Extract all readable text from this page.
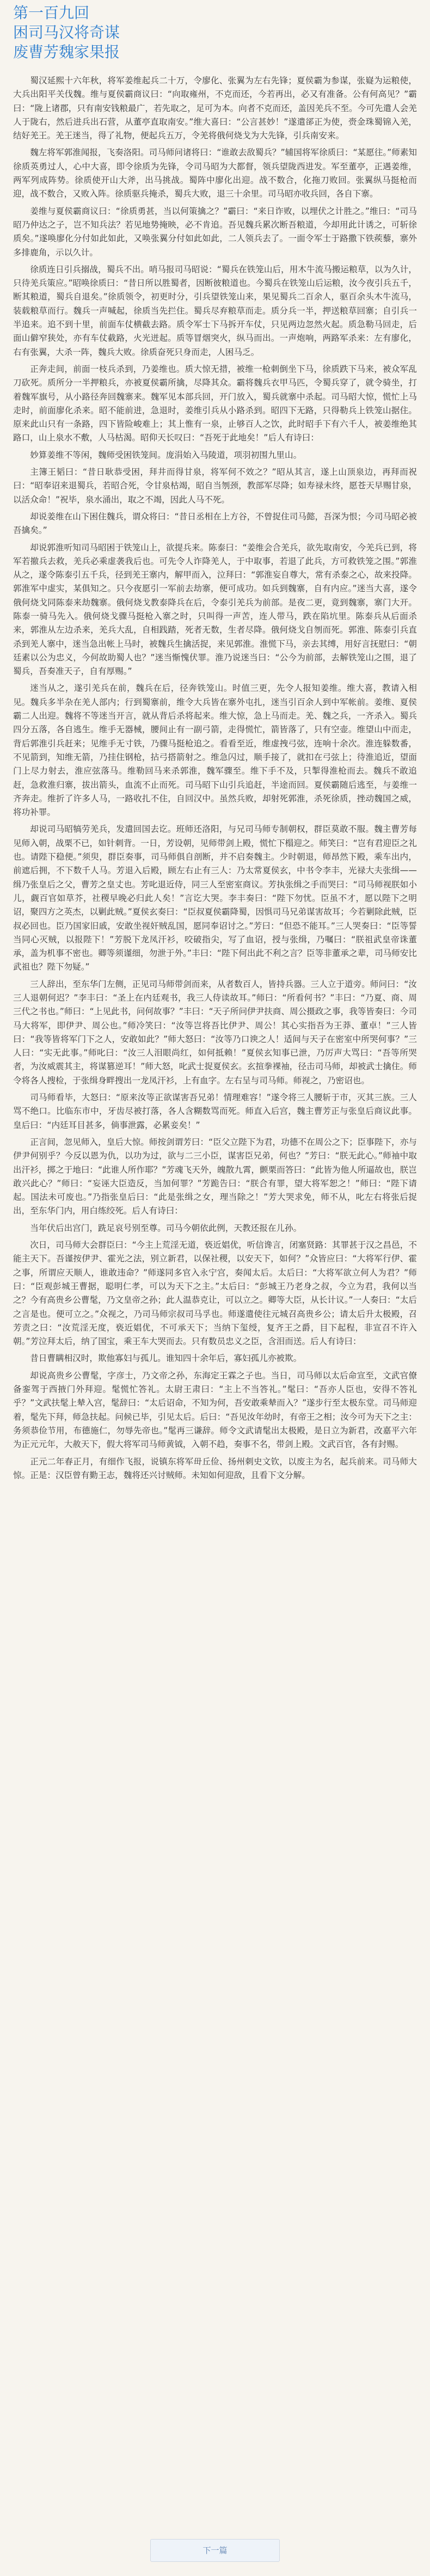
第一百九回
困司马汉将奇谋
废曹芳魏家果报

蜀汉延熙十六年秋，将军姜维起兵二十万，令廖化、张翼为左右先锋；夏侯霸为参谋，张嶷为运粮使，大兵出阳平关伐魏。维与夏侯霸商议曰：“向取雍州，不克而还，今若再出，必又有准备。公有何高见？”霸曰：“陇上诸郡，只有南安钱粮最广，若先取之，足可为本。向者不克而还，盖因羌兵不至。今可先遣人会羌人于陇右，然后进兵出石营，从董亭直取南安。”维大喜曰：“公言甚妙！”遂遣郤正为使，赍金珠蜀锦入羌，结好羌王。羌王迷当，得了礼物，便起兵五万，令羌将俄何烧戈为大先锋，引兵南安来。

魏左将军郭淮闻报，飞奏洛阳。司马师问诸将曰：“谁敢去敌蜀兵？”辅国将军徐质曰：“某愿往。”师素知徐质英勇过人，心中大喜，即令徐质为先锋，令司马昭为大都督，领兵望陇西进发。军至董亭，正遇姜维，两军列成阵势。徐质使开山大斧，出马挑战。蜀阵中廖化出迎。战不数合，化拖刀败回。张翼纵马挺枪而迎，战不数合，又败入阵。徐质驱兵掩杀，蜀兵大败，退三十余里。司马昭亦收兵回，各自下寨。

姜维与夏侯霸商议曰：“徐质勇甚，当以何策擒之？”霸曰：“来日诈败，以埋伏之计胜之。”维曰：“司马昭乃仲达之子，岂不知兵法？若见地势掩映，必不肯追。吾见魏兵累次断吾粮道，今却用此计诱之，可斩徐质矣。”遂唤廖化分付如此如此，又唤张翼分付如此如此，二人领兵去了。一面令军士于路撒下铁蒺藜，寨外多排鹿角，示以久计。

徐质连日引兵搦战，蜀兵不出。哨马报司马昭说：“蜀兵在铁笼山后，用木牛流马搬运粮草，以为久计，只待羌兵策应。”昭唤徐质曰：“昔日所以胜蜀者，因断彼粮道也。今蜀兵在铁笼山后运粮，汝今夜引兵五千，断其粮道，蜀兵自退矣。”徐质领令，初更时分，引兵望铁笼山来，果见蜀兵二百余人，驱百余头木牛流马，装载粮草而行。魏兵一声喊起，徐质当先拦住。蜀兵尽弃粮草而走。质分兵一半，押送粮草回寨；自引兵一半追来。追不到十里，前面车仗横截去路。质令军士下马拆开车仗，只见两边忽然火起。质急勒马回走，后面山僻窄狭处，亦有车仗截路，火光迸起。质等冒烟突火，纵马而出。一声炮响，两路军杀来：左有廖化，右有张翼，大杀一阵，魏兵大败。徐质奋死只身而走，人困马乏。

正奔走间，前面一枝兵杀到，乃姜维也。质大惊无措，被维一枪刺倒坐下马，徐质跌下马来，被众军乱刀砍死。质所分一半押粮兵，亦被夏侯霸所擒，尽降其众。霸将魏兵衣甲马匹，令蜀兵穿了，就令骑坐，打着魏军旗号，从小路径奔回魏寨来。魏军见本部兵回，开门放入，蜀兵就寨中杀起。司马昭大惊，慌忙上马走时，前面廖化杀来。昭不能前进，急退时，姜维引兵从小路杀到。昭四下无路，只得勒兵上铁笼山据住。原来此山只有一条路，四下皆险峻难上；其上惟有一泉，止够百人之饮，此时昭手下有六千人，被姜维绝其路口，山上泉水不敷，人马枯渴。昭仰天长叹曰：“吾死于此地矣！”后人有诗曰：

妙算姜维不等闲，魏师受困铁笼间。庞涓始入马陵道，项羽初围九里山。

主簿王韬曰：“昔日耿恭受困，拜井而得甘泉，将军何不效之？”昭从其言，遂上山顶泉边，再拜而祝曰：“昭奉诏来退蜀兵，若昭合死，令甘泉枯竭，昭自当刎颈，教部军尽降；如寿禄未终，愿苍天早赐甘泉，以活众命！”祝毕，泉水涌出，取之不竭，因此人马不死。

却说姜维在山下困住魏兵，谓众将曰：“昔日丞相在上方谷，不曾捉住司马懿，吾深为恨；今司马昭必被吾擒矣。”

却说郭淮听知司马昭困于铁笼山上，欲提兵来。陈泰曰：“姜维会合羌兵，欲先取南安，今羌兵已到，将军若撤兵去救，羌兵必乘虚袭我后也。可先令人诈降羌人，于中取事，若退了此兵，方可救铁笼之围。”郭淮从之，遂令陈泰引五千兵，径到羌王寨内，解甲而入，泣拜曰：“郭淮妄自尊大，常有杀泰之心，故来投降。郭淮军中虚实，某俱知之。只今夜愿引一军前去劫寨，便可成功。如兵到魏寨，自有内应。”迷当大喜，遂令俄何烧戈同陈泰来劫魏寨。俄何烧戈教泰降兵在后，令泰引羌兵为前部。是夜二更，竟到魏寨，寨门大开。陈泰一骑马先入。俄何烧戈骤马挺枪入寨之时，只叫得一声苦，连人带马，跌在陷坑里。陈泰兵从后面杀来，郭淮从左边杀来，羌兵大乱，自相践踏，死者无数，生者尽降。俄何烧戈自刎而死。郭淮、陈泰引兵直杀到羌人寨中，迷当急出帐上马时，被魏兵生擒活捉，来见郭淮。淮慌下马，亲去其缚，用好言抚慰曰：“朝廷素以公为忠义，今何故助蜀人也？”迷当惭愧伏罪。淮乃说迷当曰：“公今为前部，去解铁笼山之围，退了蜀兵，吾奏准天子，自有厚赐。”

迷当从之，遂引羌兵在前，魏兵在后，径奔铁笼山。时值三更，先令人报知姜维。维大喜，教请入相见。魏兵多半杂在羌人部内；行到蜀寨前，维令大兵皆在寨外屯扎，迷当引百余人到中军帐前。姜维、夏侯霸二人出迎。魏将不等迷当开言，就从背后杀将起来。维大惊，急上马而走。羌、魏之兵，一齐杀入。蜀兵四分五落，各自逃生。维手无器械，腰间止有一副弓箭，走得慌忙，箭皆落了，只有空壶。维望山中而走，背后郭淮引兵赶来；见维手无寸铁，乃骤马挺枪追之。看看至近，维虚拽弓弦，连响十余次。淮连躲数番，不见箭到，知维无箭，乃挂住钢枪，拈弓搭箭射之。维急闪过，顺手接了，就扣在弓弦上；待淮追近，望面门上尽力射去，淮应弦落马。维勒回马来杀郭淮，魏军骤至。维下手不及，只掣得淮枪而去。魏兵不敢追赶，急救淮归寨，拔出箭头，血流不止而死。司马昭下山引兵追赶，半途而回。夏侯霸随后逃至，与姜维一齐奔走。维折了许多人马，一路收扎不住，自回汉中。虽然兵败，却射死郭淮，杀死徐质，挫动魏国之威，将功补罪。

却说司马昭犒劳羌兵，发遣回国去讫。班师还洛阳，与兄司马师专制朝权，群臣莫敢不服。魏主曹芳每见师入朝，战栗不已，如针刺背。一日，芳设朝，见师带剑上殿，慌忙下榻迎之。师笑曰：“岂有君迎臣之礼也。请陛下稳便。”须臾，群臣奏事，司马师俱自剖断，并不启奏魏主。少时朝退，师昂然下殿，乘车出内，前遮后拥，不下数千人马。芳退入后殿，顾左右止有三人：乃太常夏侯玄，中书令李丰，光禄大夫张缉——缉乃张皇后之父，曹芳之皇丈也。芳叱退近侍，同三人至密室商议。芳执张缉之手而哭曰：“司马师视朕如小儿，觑百官如草芥，社稷早晚必归此人矣！”言讫大哭。李丰奏曰：“陛下勿忧。臣虽不才，愿以陛下之明诏，聚四方之英杰，以剿此贼。”夏侯玄奏曰：“臣叔夏侯霸降蜀，因惧司马兄弟谋害故耳；今若剿除此贼，臣叔必回也。臣乃国家旧戚，安敢坐视奸贼乱国，愿同奉诏讨之。”芳曰：“但恐不能耳。”三人哭奏曰：“臣等誓当同心灭贼，以报陛下！”芳脱下龙凤汗衫，咬破指尖，写了血诏，授与张缉，乃嘱曰：“朕祖武皇帝诛董承，盖为机事不密也。卿等须谨细，勿泄于外。”丰曰：“陛下何出此不利之言？臣等非董承之辈，司马师安比武祖也？陛下勿疑。”

三人辞出，至东华门左侧，正见司马师带剑而来，从者数百人，皆持兵器。三人立于道旁。师问曰：“汝三人退朝何迟？”李丰曰：“圣上在内廷观书，我三人侍读故耳。”师曰：“所看何书？”丰曰：“乃夏、商、周三代之书也。”师曰：“上见此书，问何故事？”丰曰：“天子所问伊尹扶商、周公摄政之事，我等皆奏曰：今司马大将军，即伊尹、周公也。”师冷笑曰：“汝等岂将吾比伊尹、周公！其心实指吾为王莽、董卓！”三人皆曰：“我等皆将军门下之人，安敢如此？”师大怒曰：“汝等乃口谀之人！适间与天子在密室中所哭何事？”三人曰：“实无此事。”师叱曰：“汝三人泪眼尚红，如何抵赖！”夏侯玄知事已泄，乃厉声大骂曰：“吾等所哭者，为汝威震其主，将谋篡逆耳！”师大怒，叱武士捉夏侯玄。玄揎拳裸袖，径击司马师，却被武士擒住。师令将各人搜检，于张缉身畔搜出一龙凤汗衫，上有血字。左右呈与司马师。师视之，乃密诏也。

司马师看毕，大怒曰：“原来汝等正欲谋害吾兄弟！情理难容！”遂令将三人腰斩于市，灭其三族。三人骂不绝口。比临东市中，牙齿尽被打落，各人含糊数骂而死。师直入后宫，魏主曹芳正与张皇后商议此事。皇后曰：“内廷耳目甚多，倘事泄露，必累妾矣！”

正言间，忽见师入，皇后大惊。师按剑谓芳曰：“臣父立陛下为君，功德不在周公之下；臣事陛下，亦与伊尹何别乎？今反以恩为仇，以功为过，欲与二三小臣，谋害臣兄弟，何也？”芳曰：“朕无此心。”师袖中取出汗衫，掷之于地曰：“此谁人所作耶？”芳魂飞天外，魄散九霄，颤栗而答曰：“此皆为他人所逼故也，朕岂敢兴此心？”师曰：“妄诬大臣造反，当加何罪？”芳跪告曰：“朕合有罪，望大将军恕之！”师曰：“陛下请起。国法未可废也。”乃指张皇后曰：“此是张缉之女，理当除之！”芳大哭求免，师不从，叱左右将张后捉出，至东华门内，用白练绞死。后人有诗曰：

当年伏后出宫门，跣足哀号别至尊。司马今朝依此例，天教还报在儿孙。

次日，司马师大会群臣曰：“今主上荒淫无道，亵近娼优，听信谗言，闭塞贤路：其罪甚于汉之昌邑，不能主天下。吾谨按伊尹、霍光之法，别立新君，以保社稷，以安天下，如何？”众皆应曰：“大将军行伊、霍之事，所谓应天顺人，谁敢违命？”师遂同多官入永宁宫，奏闻太后。太后曰：“大将军欲立何人为君？”师曰：“臣观彭城王曹据，聪明仁孝，可以为天下之主。”太后曰：“彭城王乃老身之叔，今立为君，我何以当之？今有高贵乡公曹髦，乃文皇帝之孙；此人温恭克让，可以立之。卿等大臣，从长计议。”一人奏曰：“太后之言是也。便可立之。”众视之，乃司马师宗叔司马孚也。师遂遣使往元城召高贵乡公；请太后升太极殿，召芳责之曰：“汝荒淫无度，亵近娼优，不可承天下；当纳下玺绶，复齐王之爵，目下起程，非宣召不许入朝。”芳泣拜太后，纳了国宝，乘王车大哭而去。只有数员忠义之臣，含泪而送。后人有诗曰：

昔日曹瞒相汉时，欺他寡妇与孤儿。谁知四十余年后，寡妇孤儿亦被欺。

却说高贵乡公曹髦，字彦士，乃文帝之孙，东海定王霖之子也。当日，司马师以太后命宣至，文武官僚备銮驾于西掖门外拜迎。髦慌忙答礼。太尉王肃曰：“主上不当答礼。”髦曰：“吾亦人臣也，安得不答礼乎？”文武扶髦上辇入宫，髦辞曰：“太后诏命，不知为何，吾安敢乘辇而入？”遂步行至太极东堂。司马师迎着，髦先下拜，师急扶起。问候已毕，引见太后。后曰：“吾见汝年幼时，有帝王之相；汝今可为天下之主：务须恭俭节用，布德施仁，勿辱先帝也。”髦再三谦辞。师令文武请髦出太极殿，是日立为新君，改嘉平六年为正元元年，大赦天下，假大将军司马师黄钺，入朝不趋，奏事不名，带剑上殿。文武百官，各有封赐。

正元二年春正月，有细作飞报，说镇东将军毌丘俭、扬州刺史文钦，以废主为名，起兵前来。司马师大惊。正是：汉臣曾有勤王志，魏将还兴讨贼师。未知如何迎敌，且看下文分解。

下一篇
